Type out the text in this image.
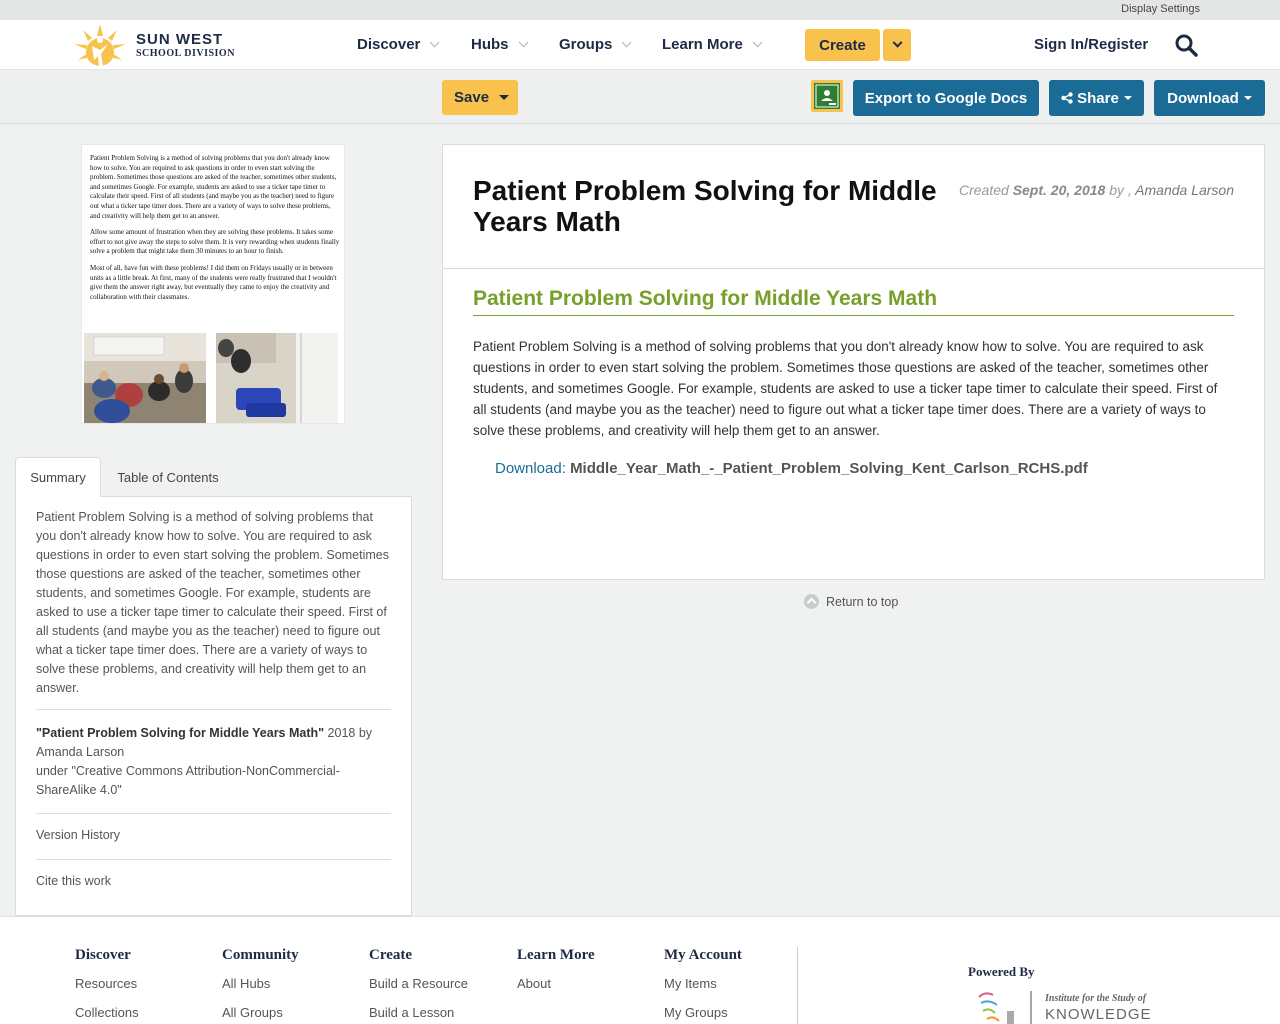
Display Settings
SUN WEST
SCHOOL DIVISION	Discover	Hubs	Groups	Learn More	Create	Sign In/Register
Save	Export to Google Docs	Share	Download

Patient Problem Solving is a method of solving problems that you don't already know how to solve. You are required to ask questions in order to even start solving the problem. Sometimes those questions are asked of the teacher, sometimes other students, and sometimes Google. For example, students are asked to use a ticker tape timer to calculate their speed. First of all students (and maybe you as the teacher) need to figure out what a ticker tape timer does. There are a variety of ways to solve these problems, and creativity will help them get to an answer.

Allow some amount of frustration when they are solving these problems. It takes some effort to not give away the steps to solve them. It is very rewarding when students finally solve a problem that might take them 30 minutes to an hour to finish.

Most of all, have fun with these problems! I did them on Fridays usually or in between units as a little break. At first, many of the students were really frustrated that I wouldn't give them the answer right away, but eventually they came to enjoy the creativity and collaboration with their classmates.

Summary	Table of Contents
Patient Problem Solving is a method of solving problems that you don't already know how to solve. You are required to ask questions in order to even start solving the problem. Sometimes those questions are asked of the teacher, sometimes other students, and sometimes Google. For example, students are asked to use a ticker tape timer to calculate their speed. First of all students (and maybe you as the teacher) need to figure out what a ticker tape timer does. There are a variety of ways to solve these problems, and creativity will help them get to an answer.
"Patient Problem Solving for Middle Years Math" 2018 by
Amanda Larson
under "Creative Commons Attribution-NonCommercial-ShareAlike 4.0"
Version History
Cite this work
Patient Problem Solving for Middle Years Math
Created Sept. 20, 2018 by , Amanda Larson
Patient Problem Solving for Middle Years Math
Patient Problem Solving is a method of solving problems that you don't already know how to solve. You are required to ask questions in order to even start solving the problem. Sometimes those questions are asked of the teacher, sometimes other students, and sometimes Google. For example, students are asked to use a ticker tape timer to calculate their speed. First of all students (and maybe you as the teacher) need to figure out what a ticker tape timer does. There are a variety of ways to solve these problems, and creativity will help them get to an answer.
Download: Middle_Year_Math_-_Patient_Problem_Solving_Kent_Carlson_RCHS.pdf
Return to top
Discover
Resources
Collections
Community
All Hubs
All Groups
Create
Build a Resource
Build a Lesson
Learn More
About
My Account
My Items
My Groups
Powered By
Institute for the Study of
KNOWLEDGE
